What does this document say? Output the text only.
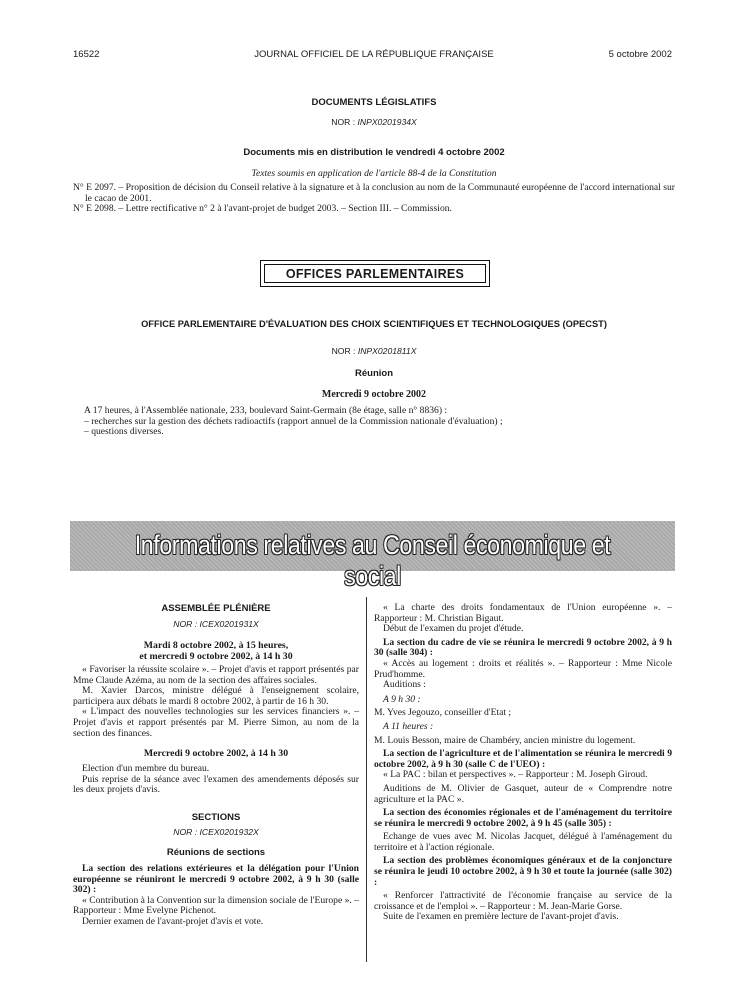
16522	JOURNAL OFFICIEL DE LA RÉPUBLIQUE FRANÇAISE	5 octobre 2002
DOCUMENTS LÉGISLATIFS
NOR : INPX0201934X
Documents mis en distribution le vendredi 4 octobre 2002
Textes soumis en application de l'article 88-4 de la Constitution
N° E 2097. – Proposition de décision du Conseil relative à la signature et à la conclusion au nom de la Communauté européenne de l'accord international sur le cacao de 2001.
N° E 2098. – Lettre rectificative n° 2 à l'avant-projet de budget 2003. – Section III. – Commission.
OFFICES PARLEMENTAIRES
OFFICE PARLEMENTAIRE D'ÉVALUATION DES CHOIX SCIENTIFIQUES ET TECHNOLOGIQUES (OPECST)
NOR : INPX0201811X
Réunion
Mercredi 9 octobre 2002
A 17 heures, à l'Assemblée nationale, 233, boulevard Saint-Germain (8e étage, salle n° 8836) :
– recherches sur la gestion des déchets radioactifs (rapport annuel de la Commission nationale d'évaluation) ;
– questions diverses.
Informations relatives au Conseil économique et social
ASSEMBLÉE PLÉNIÈRE
NOR : ICEX0201931X
Mardi 8 octobre 2002, à 15 heures,
et mercredi 9 octobre 2002, à 14 h 30
« Favoriser la réussite scolaire ». – Projet d'avis et rapport présentés par Mme Claude Azéma, au nom de la section des affaires sociales.
M. Xavier Darcos, ministre délégué à l'enseignement scolaire, participera aux débats le mardi 8 octobre 2002, à partir de 16 h 30.
« L'impact des nouvelles technologies sur les services financiers ». – Projet d'avis et rapport présentés par M. Pierre Simon, au nom de la section des finances.
Mercredi 9 octobre 2002, à 14 h 30
Election d'un membre du bureau.
Puis reprise de la séance avec l'examen des amendements déposés sur les deux projets d'avis.
SECTIONS
NOR : ICEX0201932X
Réunions de sections
La section des relations extérieures et la délégation pour l'Union européenne se réuniront le mercredi 9 octobre 2002, à 9 h 30 (salle 302) :
« Contribution à la Convention sur la dimension sociale de l'Europe ». – Rapporteur : Mme Evelyne Pichenot.
Dernier examen de l'avant-projet d'avis et vote.
« La charte des droits fondamentaux de l'Union européenne ». – Rapporteur : M. Christian Bigaut.
Début de l'examen du projet d'étude.
La section du cadre de vie se réunira le mercredi 9 octobre 2002, à 9 h 30 (salle 304) :
« Accès au logement : droits et réalités ». – Rapporteur : Mme Nicole Prud'homme.
Auditions :
A 9 h 30 :
M. Yves Jegouzo, conseiller d'Etat ;
A 11 heures :
M. Louis Besson, maire de Chambéry, ancien ministre du logement.
La section de l'agriculture et de l'alimentation se réunira le mercredi 9 octobre 2002, à 9 h 30 (salle C de l'UEO) :
« La PAC : bilan et perspectives ». – Rapporteur : M. Joseph Giroud.
Auditions de M. Olivier de Gasquet, auteur de « Comprendre notre agriculture et la PAC ».
La section des économies régionales et de l'aménagement du territoire se réunira le mercredi 9 octobre 2002, à 9 h 45 (salle 305) :
Echange de vues avec M. Nicolas Jacquet, délégué à l'aménagement du territoire et à l'action régionale.
La section des problèmes économiques généraux et de la conjoncture se réunira le jeudi 10 octobre 2002, à 9 h 30 et toute la journée (salle 302) :
« Renforcer l'attractivité de l'économie française au service de la croissance et de l'emploi ». – Rapporteur : M. Jean-Marie Gorse.
Suite de l'examen en première lecture de l'avant-projet d'avis.
